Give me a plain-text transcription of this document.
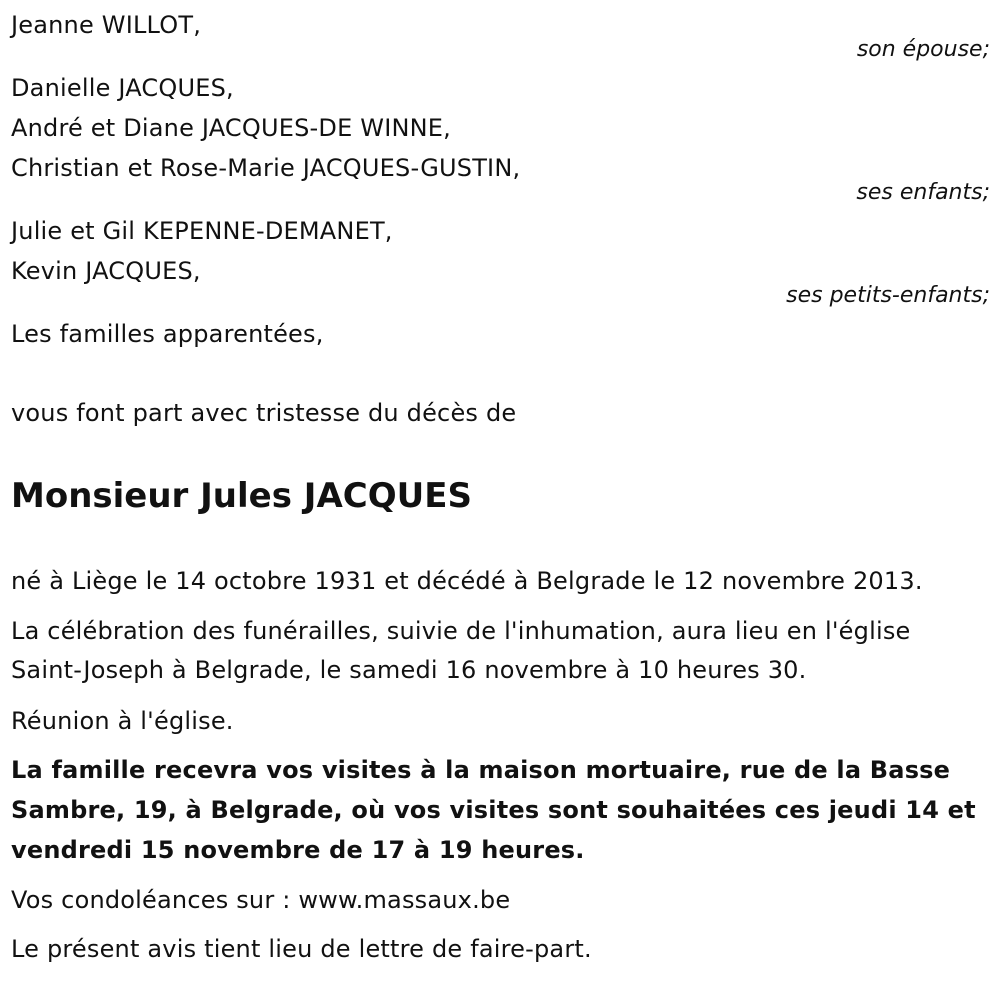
Jeanne WILLOT,
son épouse;
Danielle JACQUES,
André et Diane JACQUES-DE WINNE,
Christian et Rose-Marie JACQUES-GUSTIN,
ses enfants;
Julie et Gil KEPENNE-DEMANET,
Kevin JACQUES,
ses petits-enfants;
Les familles apparentées,
vous font part avec tristesse du décès de
Monsieur Jules JACQUES
né à Liège le 14 octobre 1931 et décédé à Belgrade le 12 novembre 2013.
La célébration des funérailles, suivie de l'inhumation, aura lieu en l'église
Saint-Joseph à Belgrade, le samedi 16 novembre à 10 heures 30.
Réunion à l'église.
La famille recevra vos visites à la maison mortuaire, rue de la Basse
Sambre, 19, à Belgrade, où vos visites sont souhaitées ces jeudi 14 et
vendredi 15 novembre de 17 à 19 heures.
Vos condoléances sur : www.massaux.be
Le présent avis tient lieu de lettre de faire-part.
